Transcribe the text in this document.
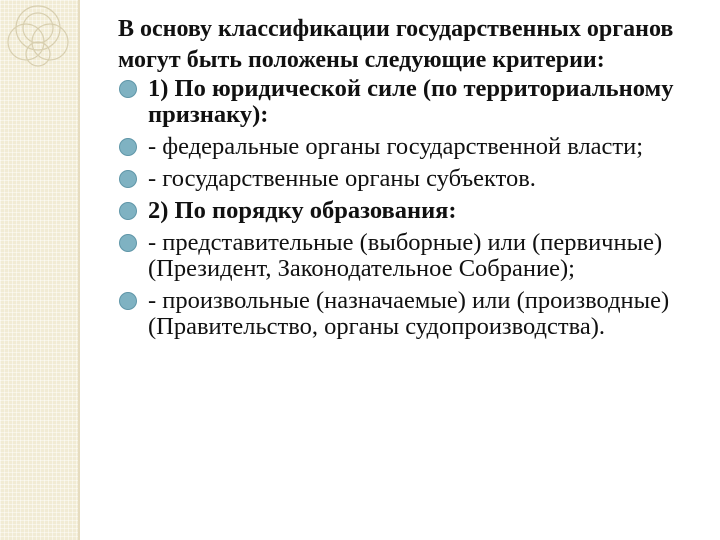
В основу классификации государственных органов могут быть положены следующие критерии:
1) По юридической силе (по территориальному признаку):
- федеральные органы государственной власти;
- государственные органы субъектов.
2) По порядку образования:
- представительные (выборные) или (первичные) (Президент, Законодательное Собрание);
- произвольные (назначаемые) или (производные) (Правительство, органы судопроизводства).
